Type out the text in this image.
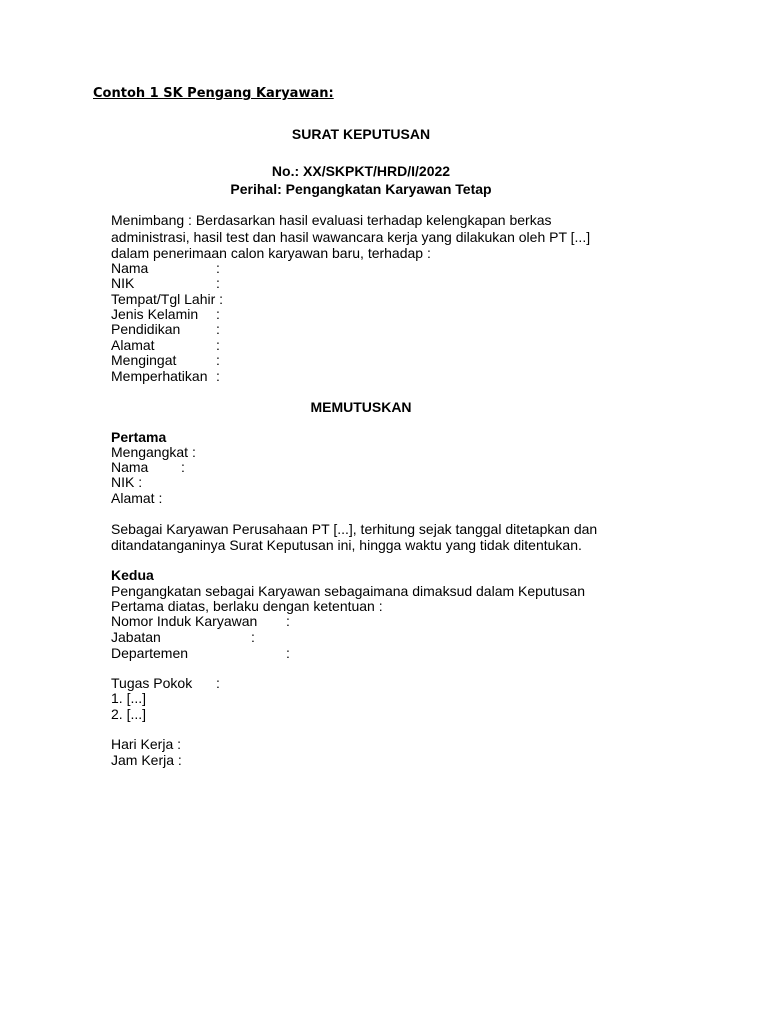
Contoh 1 SK Pengang Karyawan:
SURAT KEPUTUSAN
No.: XX/SKPKT/HRD/I/2022
Perihal: Pengangkatan Karyawan Tetap
Menimbang : Berdasarkan hasil evaluasi terhadap kelengkapan berkas
administrasi, hasil test dan hasil wawancara kerja yang dilakukan oleh PT [...]
dalam penerimaan calon karyawan baru, terhadap :
Nama	:
NIK	:
Tempat/Tgl Lahir :
Jenis Kelamin :
Pendidikan	:
Alamat	:
Mengingat	:
Memperhatikan :
MEMUTUSKAN
Pertama
Mengangkat :
Nama :
NIK :
Alamat :
Sebagai Karyawan Perusahaan PT [...], terhitung sejak tanggal ditetapkan dan
ditandatanganinya Surat Keputusan ini, hingga waktu yang tidak ditentukan.
Kedua
Pengangkatan sebagai Karyawan sebagaimana dimaksud dalam Keputusan
Pertama diatas, berlaku dengan ketentuan :
Nomor Induk Karyawan :
Jabatan	:
Departemen	:
Tugas Pokok :
1. [...]
2. [...]
Hari Kerja :
Jam Kerja :
